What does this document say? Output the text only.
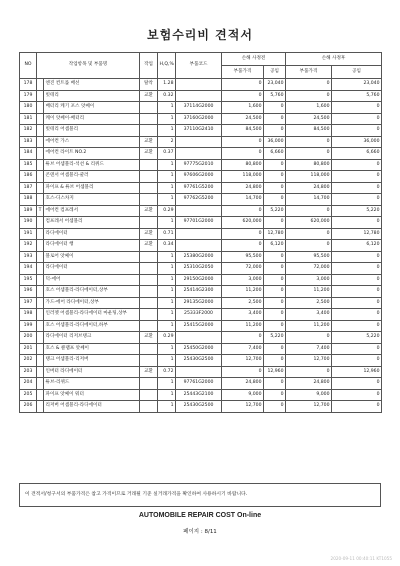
보험수리비 견적서
NO	작업항목 및 부품명		작업	H,Q,%	부품코드	손해 사정전		손해 사정후	
						부품가격	공임	부품가격	공임
178		엔진 컨트롤 배선	탈착	1.28		0	23,040	0	23,040
179		빗테리	교환	0.32		0	5,760	0	5,760
180		배터리 케기 포스 앗쎄이		1	37114G2000	1,600	0	1,600	0
181		케이 앗쎄이-배터리		1	37160G2000	24,500	0	24,500	0
182		빗테리 어셈블리		1	37110G2410	84,500	0	84,500	0
183		에어컨 가스	교환	2		0	36,000	0	36,000
184		에어컨 라이트 NO.2	교환	0.37		0	6,660	0	6,660
185		튜브 어셈블리-석션 & 리퀴드		1	97775G2010	80,800	0	80,800	0
186		콘덴서 어셈블리-쿨러		1	97606G2000	118,000	0	118,000	0
187		파이프 & 튜브 어셈블리		1	97761G5200	24,800	0	24,800	0
188		호스-디스차지		1	97762G5200	14,700	0	14,700	0
189	T	에어컨 컴프레서	교환	0.29		0	5,220	0	5,220
190		컴프레서 어셈블리		1	97701G2000	620,000	0	620,000	0
191		라디에이터	교환	0.71		0	12,780	0	12,780
192		라디에이터 행	교환	0.34		0	6,120	0	6,120
193		블로어 앗쎄이		1	25380G2000	95,500	0	95,500	0
194		라디에이터		1	25310G2050	72,000	0	72,000	0
195		덕-에어		1	29150G2000	3,000	0	3,000	0
196		호스 어셈블리-라디에이터,상부		1	25414G2300	11,200	0	11,200	0
197		가드-에어 라디에이터,상부		1	29135G2000	2,500	0	2,500	0
198		인러젯 어셈블리-라디에이터 마운팅,상부		1	25333F2000	3,400	0	3,400	0
199		호스 어셈블리-라디에이터,하부		1	25415G2000	11,200	0	11,200	0
200		라디에이터 리저브탱크	교환	0.29		0	5,220	0	5,220
201		호스 & 클램프 앗쎄이		1	25450G2000	7,400	0	7,400	0
202		탱크 어셈블리-리저버		1	25430G2500	12,700	0	12,700	0
203		인버터 라디에이터	교환	0.72		0	12,960	0	12,960
204		튜브-리퀴드		1	97761G2000	24,800	0	24,800	0
205		파이프 앗쎄이 워터		1	25443G2100	9,000	0	9,000	0
206		리저버 어셈블리-라디에이터		1	25430G2500	12,700	0	12,700	0
이 견적서/청구서의 부품가격은 참고 가격이므로 거래될 기준 실거래가격을 확인하여 사용하시기 바랍니다.
AUTOMOBILE REPAIR COST On-line
페이지 : 8/11
2020-09-11 00:40:11 KT1055
